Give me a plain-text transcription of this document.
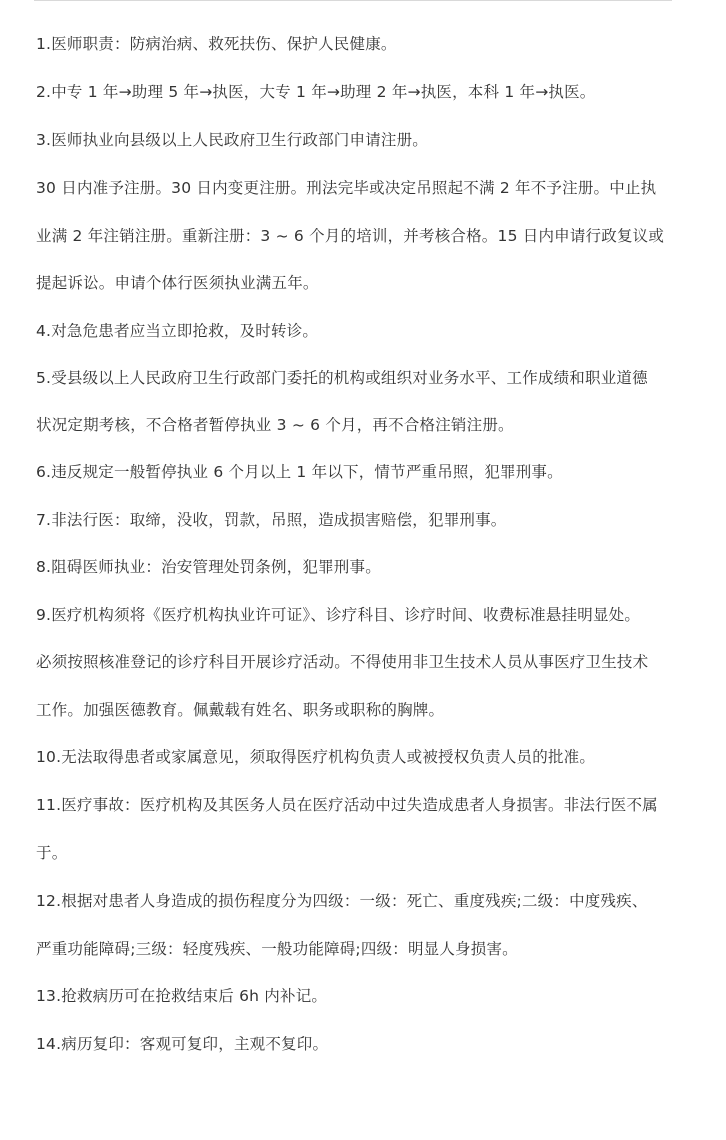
1.医师职责：防病治病、救死扶伤、保护人民健康。
2.中专 1 年→助理 5 年→执医，大专 1 年→助理 2 年→执医，本科 1 年→执医。
3.医师执业向县级以上人民政府卫生行政部门申请注册。
30 日内准予注册。30 日内变更注册。刑法完毕或决定吊照起不满 2 年不予注册。中止执
业满 2 年注销注册。重新注册：3 ~ 6 个月的培训，并考核合格。15 日内申请行政复议或
提起诉讼。申请个体行医须执业满五年。
4.对急危患者应当立即抢救，及时转诊。
5.受县级以上人民政府卫生行政部门委托的机构或组织对业务水平、工作成绩和职业道德
状况定期考核，不合格者暂停执业 3 ~ 6 个月，再不合格注销注册。
6.违反规定一般暂停执业 6 个月以上 1 年以下，情节严重吊照，犯罪刑事。
7.非法行医：取缔，没收，罚款，吊照，造成损害赔偿，犯罪刑事。
8.阻碍医师执业：治安管理处罚条例，犯罪刑事。
9.医疗机构须将《医疗机构执业许可证》、诊疗科目、诊疗时间、收费标准悬挂明显处。
必须按照核准登记的诊疗科目开展诊疗活动。不得使用非卫生技术人员从事医疗卫生技术
工作。加强医德教育。佩戴载有姓名、职务或职称的胸牌。
10.无法取得患者或家属意见，须取得医疗机构负责人或被授权负责人员的批准。
11.医疗事故：医疗机构及其医务人员在医疗活动中过失造成患者人身损害。非法行医不属
于。
12.根据对患者人身造成的损伤程度分为四级：一级：死亡、重度残疾;二级：中度残疾、
严重功能障碍;三级：轻度残疾、一般功能障碍;四级：明显人身损害。
13.抢救病历可在抢救结束后 6h 内补记。
14.病历复印：客观可复印，主观不复印。
